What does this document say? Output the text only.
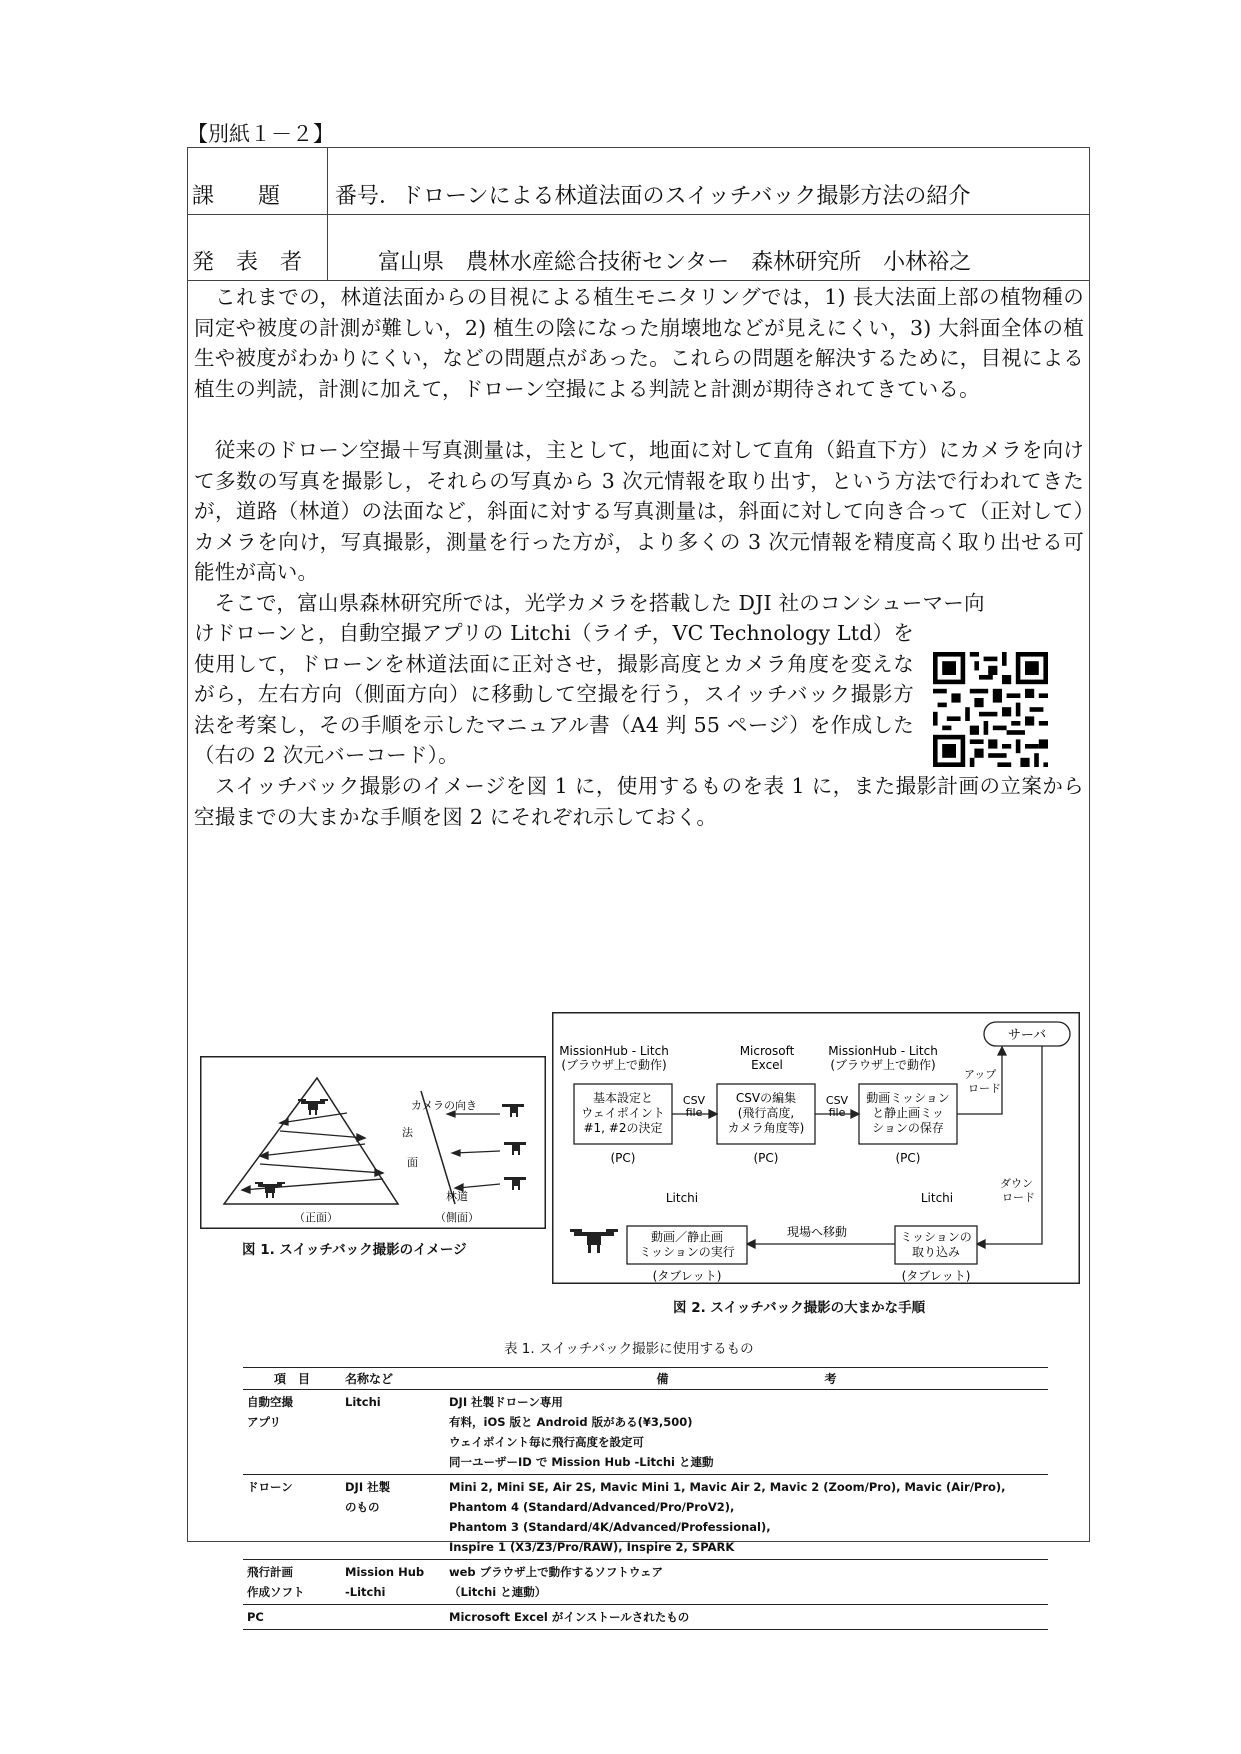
【別紙１－２】
課　　題 番号．ドローンによる林道法面のスイッチバック撮影方法の紹介
発　表　者	富山県　農林水産総合技術センター　森林研究所　小林裕之
　これまでの，林道法面からの目視による植生モニタリングでは，1) 長大法面上部の植物種の同定や被度の計測が難しい，2) 植生の陰になった崩壊地などが見えにくい，3) 大斜面全体の植生や被度がわかりにくい，などの問題点があった。これらの問題を解決するために，目視による植生の判読，計測に加えて，ドローン空撮による判読と計測が期待されてきている。
　従来のドローン空撮＋写真測量は，主として，地面に対して直角（鉛直下方）にカメラを向けて多数の写真を撮影し，それらの写真から 3 次元情報を取り出す，という方法で行われてきたが，道路（林道）の法面など，斜面に対する写真測量は，斜面に対して向き合って（正対して）カメラを向け，写真撮影，測量を行った方が，より多くの 3 次元情報を精度高く取り出せる可能性が高い。
　そこで，富山県森林研究所では，光学カメラを搭載した DJI 社のコンシューマー向
けドローンと，自動空撮アプリの Litchi（ライチ，VC Technology Ltd）を使用して，ドローンを林道法面に正対させ，撮影高度とカメラ角度を変えながら，左右方向（側面方向）に移動して空撮を行う，スイッチバック撮影方法を考案し，その手順を示したマニュアル書（A4 判 55 ページ）を作成した（右の 2 次元バーコード）。
　スイッチバック撮影のイメージを図 1 に，使用するものを表 1 に，また撮影計画の立案から空撮までの大まかな手順を図 2 にそれぞれ示しておく。
カメラの向き
法
面
林道
（正面）	（側面）
図 1. スイッチバック撮影のイメージ
サーバ
MissionHub - Litch
(ブラウザ上で動作)
Microsoft
Excel
MissionHub - Litch
(ブラウザ上で動作)
基本設定と
ウェイポイント
#1, #2の決定
(PC)
CSVの編集
(飛行高度,
カメラ角度等)
(PC)
動画ミッション
と静止画ミッ
ションの保存
(PC)
CSV
file
CSV
file
アップ
ロード
ダウン
ロード
Litchi	Litchi
動画／静止画
ミッションの実行
(タブレット)
ミッションの
取り込み
(タブレット)
現場へ移動
図 2. スイッチバック撮影の大まかな手順
表 1. スイッチバック撮影に使用するもの
項　目	名称など	備　　　　　　　　　　　　　考
自動空撮
アプリ	Litchi	DJI 社製ドローン専用
有料，iOS 版と Android 版がある(¥3,500)
ウェイポイント毎に飛行高度を設定可
同一ユーザーID で Mission Hub -Litchi と連動
ドローン	DJI 社製
のもの	Mini 2, Mini SE, Air 2S, Mavic Mini 1, Mavic Air 2, Mavic 2 (Zoom/Pro), Mavic (Air/Pro),
Phantom 4 (Standard/Advanced/Pro/ProV2),
Phantom 3 (Standard/4K/Advanced/Professional),
Inspire 1 (X3/Z3/Pro/RAW), Inspire 2, SPARK
飛行計画
作成ソフト	Mission Hub
-Litchi	web ブラウザ上で動作するソフトウェア
（Litchi と連動）
PC		Microsoft Excel がインストールされたもの
